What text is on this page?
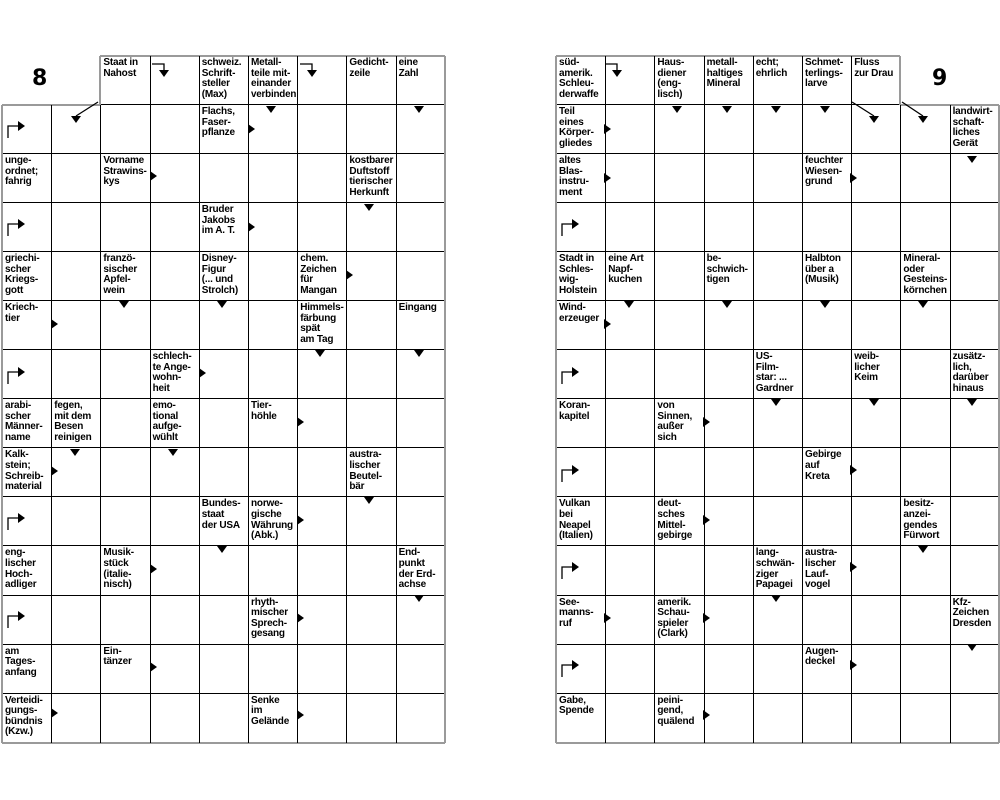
8
Staat in
Nahost
schweiz.
Schrift-
steller
(Max)
Metall-
teile mit-
einander
verbinden
Gedicht-
zeile
eine
Zahl
Flachs,
Faser-
pflanze
unge-
ordnet;
fahrig
Vorname
Strawins-
kys
kostbarer
Duftstoff
tierischer
Herkunft
Bruder
Jakobs
im A. T.
griechi-
scher
Kriegs-
gott
franzö-
sischer
Apfel-
wein
Disney-
Figur
(... und
Strolch)
chem.
Zeichen
für
Mangan
Kriech-
tier
Himmels-
färbung
spät
am Tag
Eingang
schlech-
te Ange-
wohn-
heit
arabi-
scher
Männer-
name
fegen,
mit dem
Besen
reinigen
emo-
tional
aufge-
wühlt
Tier-
höhle
Kalk-
stein;
Schreib-
material
austra-
lischer
Beutel-
bär
Bundes-
staat
der USA
norwe-
gische
Währung
(Abk.)
eng-
lischer
Hoch-
adliger
Musik-
stück
(italie-
nisch)
End-
punkt
der Erd-
achse
rhyth-
mischer
Sprech-
gesang
am
Tages-
anfang
Ein-
tänzer
Verteidi-
gungs-
bündnis
(Kzw.)
Senke
im
Gelände
9
süd-
amerik.
Schleu-
derwaffe
Haus-
diener
(eng-
lisch)
metall-
haltiges
Mineral
echt;
ehrlich
Schmet-
terlings-
larve
Fluss
zur Drau
Teil
eines
Körper-
gliedes
landwirt-
schaft-
liches
Gerät
altes
Blas-
instru-
ment
feuchter
Wiesen-
grund
Stadt in
Schles-
wig-
Holstein
eine Art
Napf-
kuchen
be-
schwich-
tigen
Halbton
über a
(Musik)
Mineral-
oder
Gesteins-
körnchen
Wind-
erzeuger
US-
Film-
star: ...
Gardner
weib-
licher
Keim
zusätz-
lich,
darüber
hinaus
Koran-
kapitel
von
Sinnen,
außer
sich
Gebirge
auf
Kreta
Vulkan
bei
Neapel
(Italien)
deut-
sches
Mittel-
gebirge
besitz-
anzei-
gendes
Fürwort
lang-
schwän-
ziger
Papagei
austra-
lischer
Lauf-
vogel
See-
manns-
ruf
amerik.
Schau-
spieler
(Clark)
Kfz-
Zeichen
Dresden
Augen-
deckel
Gabe,
Spende
peini-
gend,
quälend
